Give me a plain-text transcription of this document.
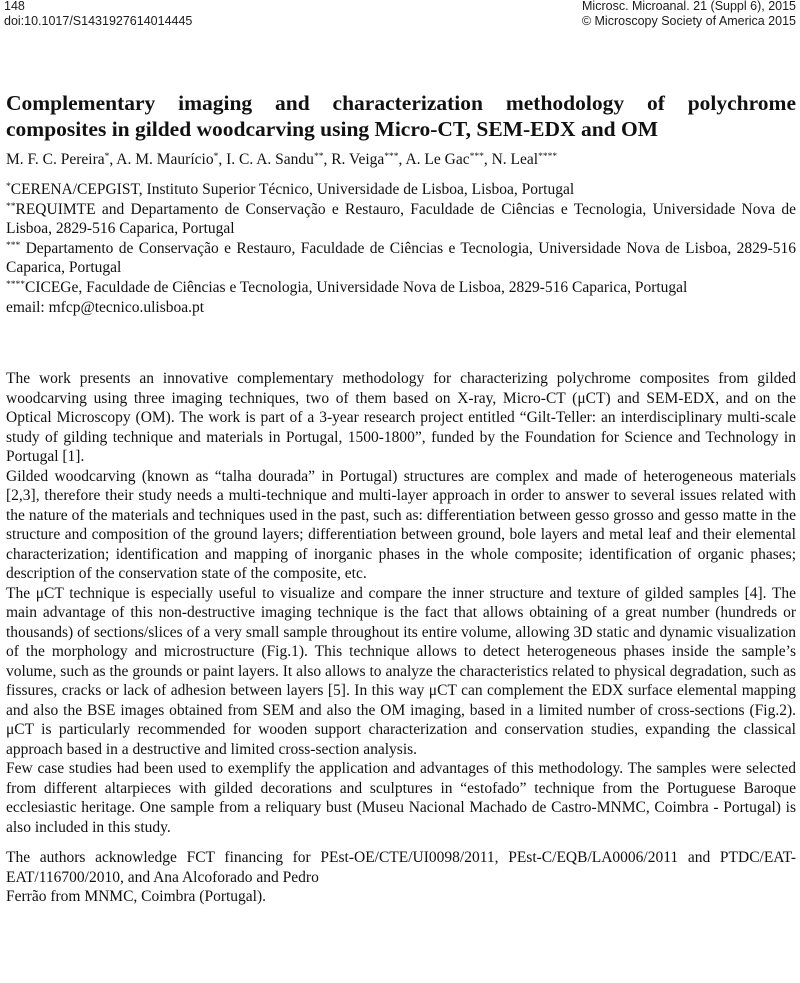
148
doi:10.1017/S1431927614014445
Microsc. Microanal. 21 (Suppl 6), 2015
© Microscopy Society of America 2015
Complementary imaging and characterization methodology of polychrome composites in gilded woodcarving using Micro-CT, SEM-EDX and OM
M. F. C. Pereira*, A. M. Maurício*, I. C. A. Sandu**, R. Veiga***, A. Le Gac***, N. Leal****
*CERENA/CEPGIST, Instituto Superior Técnico, Universidade de Lisboa, Lisboa, Portugal
**REQUIMTE and Departamento de Conservação e Restauro, Faculdade de Ciências e Tecnologia, Universidade Nova de Lisboa, 2829-516 Caparica, Portugal
*** Departamento de Conservação e Restauro, Faculdade de Ciências e Tecnologia, Universidade Nova de Lisboa, 2829-516 Caparica, Portugal
****CICEGe, Faculdade de Ciências e Tecnologia, Universidade Nova de Lisboa, 2829-516 Caparica, Portugal
email: mfcp@tecnico.ulisboa.pt

The work presents an innovative complementary methodology for characterizing polychrome composites from gilded woodcarving using three imaging techniques, two of them based on X-ray, Micro-CT (μCT) and SEM-EDX, and on the Optical Microscopy (OM). The work is part of a 3-year research project entitled “Gilt-Teller: an interdisciplinary multi-scale study of gilding technique and materials in Portugal, 1500-1800”, funded by the Foundation for Science and Technology in Portugal [1].

Gilded woodcarving (known as “talha dourada” in Portugal) structures are complex and made of heterogeneous materials [2,3], therefore their study needs a multi-technique and multi-layer approach in order to answer to several issues related with the nature of the materials and techniques used in the past, such as: differentiation between gesso grosso and gesso matte in the structure and composition of the ground layers; differentiation between ground, bole layers and metal leaf and their elemental characterization; identification and mapping of inorganic phases in the whole composite; identification of organic phases; description of the conservation state of the composite, etc.

The μCT technique is especially useful to visualize and compare the inner structure and texture of gilded samples [4]. The main advantage of this non-destructive imaging technique is the fact that allows obtaining of a great number (hundreds or thousands) of sections/slices of a very small sample throughout its entire volume, allowing 3D static and dynamic visualization of the morphology and microstructure (Fig.1). This technique allows to detect heterogeneous phases inside the sample’s volume, such as the grounds or paint layers. It also allows to analyze the characteristics related to physical degradation, such as fissures, cracks or lack of adhesion between layers [5]. In this way μCT can complement the EDX surface elemental mapping and also the BSE images obtained from SEM and also the OM imaging, based in a limited number of cross-sections (Fig.2). μCT is particularly recommended for wooden support characterization and conservation studies, expanding the classical approach based in a destructive and limited cross-section analysis.

Few case studies had been used to exemplify the application and advantages of this methodology. The samples were selected from different altarpieces with gilded decorations and sculptures in “estofado” technique from the Portuguese Baroque ecclesiastic heritage. One sample from a reliquary bust (Museu Nacional Machado de Castro-MNMC, Coimbra - Portugal) is also included in this study.

The authors acknowledge FCT financing for PEst-OE/CTE/UI0098/2011, PEst-C/EQB/LA0006/2011 and PTDC/EAT-EAT/116700/2010, and Ana Alcoforado and Pedro
Ferrão from MNMC, Coimbra (Portugal).
